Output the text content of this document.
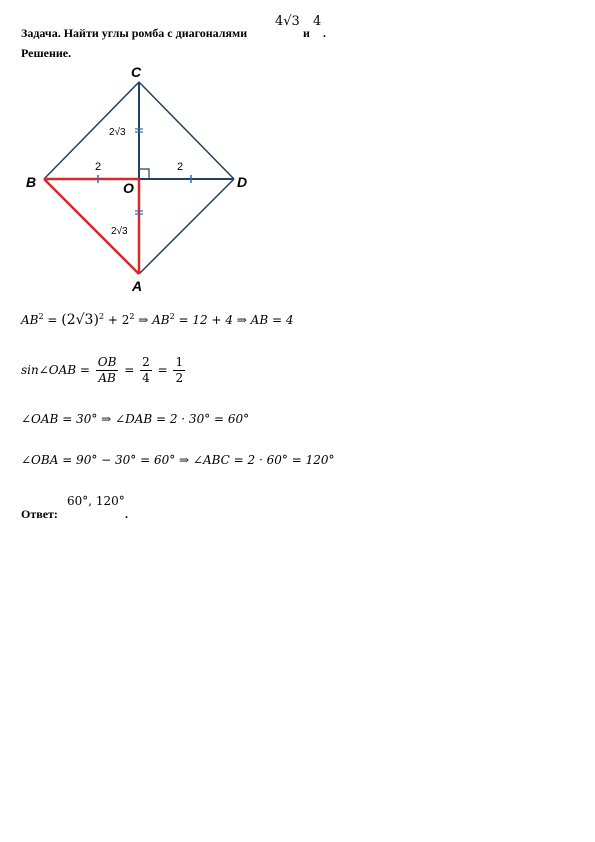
Задача. Найти углы ромба с диагоналями
4√3
и
4
.
Решение.
C
B	O	D
A
2√3
2	2
2√3
$AB^2 = (2√3)^2 + 2^2$ ⇒ $AB^2 = 12 + 4$ ⇒ AB = 4
sin∠OAB = $\frac{OB}{AB} = \frac{2}{4} = \frac{1}{2}$
∠OAB = 30° ⇒ ∠DAB = 2 · 30° = 60°
∠OBA = 90° − 30° = 60° ⇒ ∠ABC = 2 · 60° = 120°
Ответ:
60°, 120°
.
